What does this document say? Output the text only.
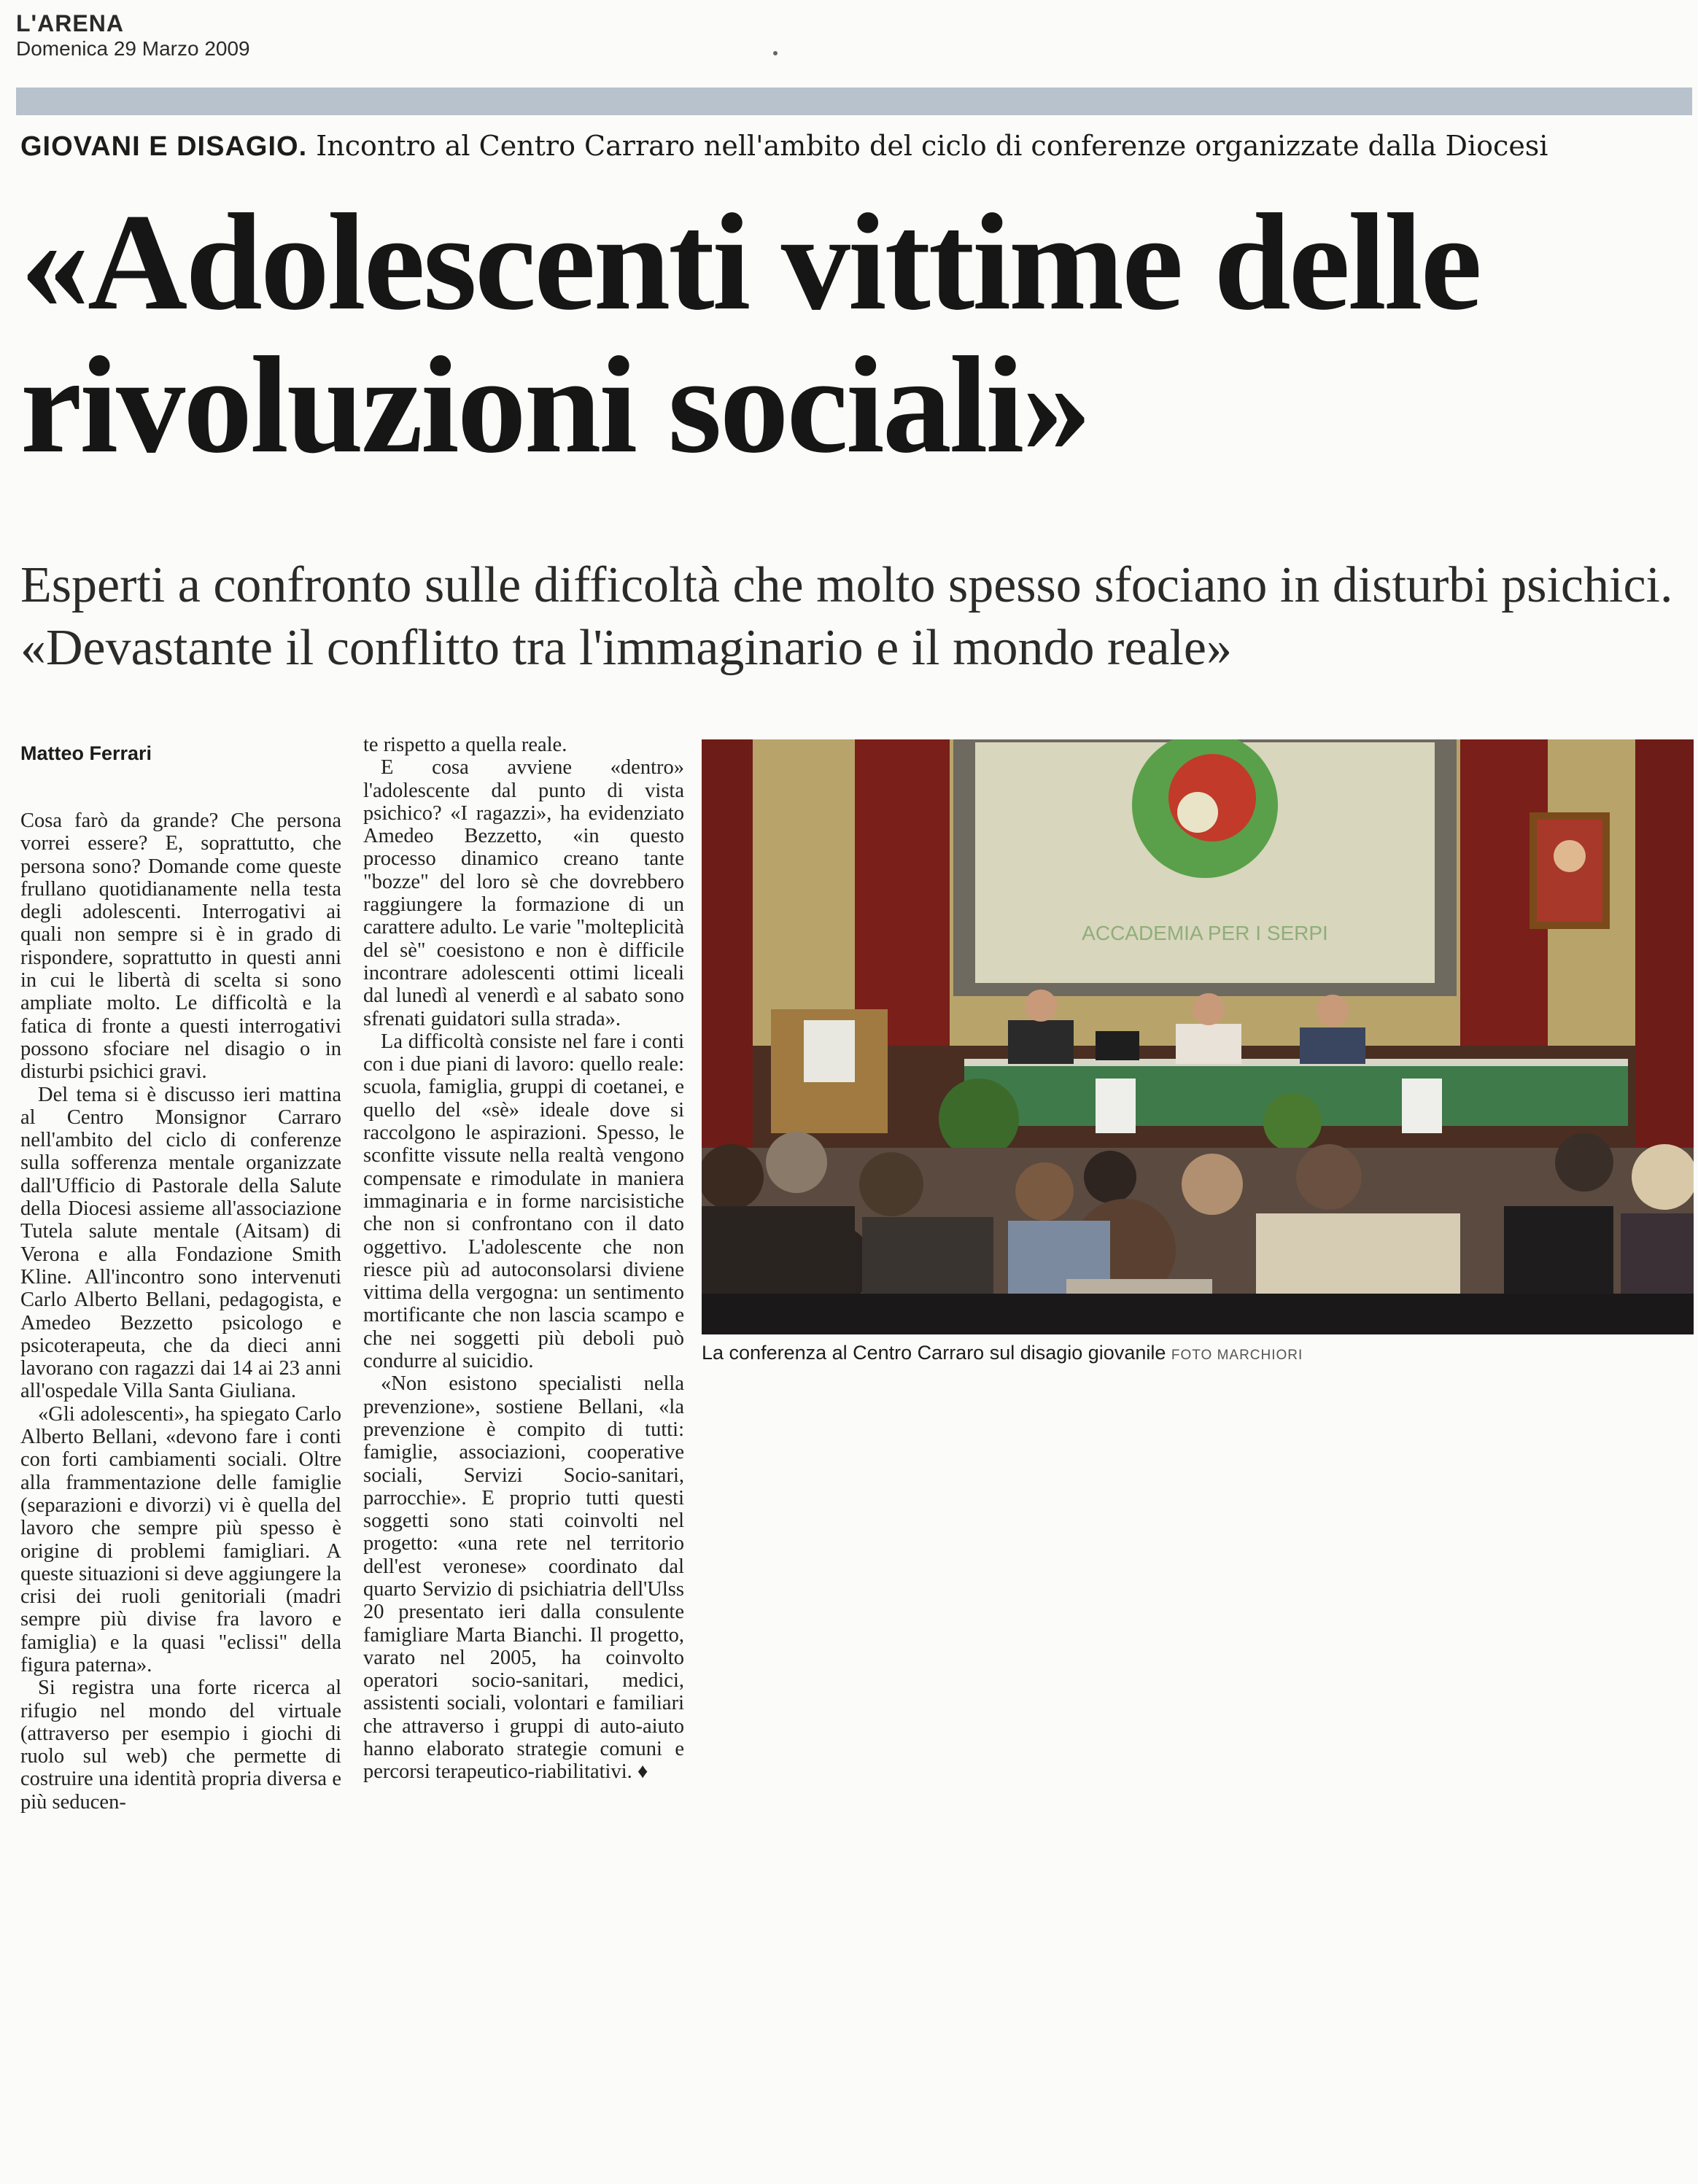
L'ARENA
Domenica 29 Marzo 2009
GIOVANI E DISAGIO. Incontro al Centro Carraro nell'ambito del ciclo di conferenze organizzate dalla Diocesi
«Adolescenti vittime delle rivoluzioni sociali»
Esperti a confronto sulle difficoltà che molto spesso sfociano in disturbi psichici. «Devastante il conflitto tra l'immaginario e il mondo reale»
Matteo Ferrari

Cosa farò da grande? Che persona vorrei essere? E, soprattutto, che persona sono? Domande come queste frullano quotidianamente nella testa degli adolescenti. Interrogativi ai quali non sempre si è in grado di rispondere, soprattutto in questi anni in cui le libertà di scelta si sono ampliate molto. Le difficoltà e la fatica di fronte a questi interrogativi possono sfociare nel disagio o in disturbi psichici gravi.

Del tema si è discusso ieri mattina al Centro Monsignor Carraro nell'ambito del ciclo di conferenze sulla sofferenza mentale organizzate dall'Ufficio di Pastorale della Salute della Diocesi assieme all'associazione Tutela salute mentale (Aitsam) di Verona e alla Fondazione Smith Kline. All'incontro sono intervenuti Carlo Alberto Bellani, pedagogista, e Amedeo Bezzetto psicologo e psicoterapeuta, che da dieci anni lavorano con ragazzi dai 14 ai 23 anni all'ospedale Villa Santa Giuliana.

«Gli adolescenti», ha spiegato Carlo Alberto Bellani, «devono fare i conti con forti cambiamenti sociali. Oltre alla frammentazione delle famiglie (separazioni e divorzi) vi è quella del lavoro che sempre più spesso è origine di problemi famigliari. A queste situazioni si deve aggiungere la crisi dei ruoli genitoriali (madri sempre più divise fra lavoro e famiglia) e la quasi "eclissi" della figura paterna».

Si registra una forte ricerca al rifugio nel mondo del virtuale (attraverso per esempio i giochi di ruolo sul web) che permette di costruire una identità propria diversa e più seducen-

te rispetto a quella reale.

E cosa avviene «dentro» l'adolescente dal punto di vista psichico? «I ragazzi», ha evidenziato Amedeo Bezzetto, «in questo processo dinamico creano tante "bozze" del loro sè che dovrebbero raggiungere la formazione di un carattere adulto. Le varie "molteplicità del sè" coesistono e non è difficile incontrare adolescenti ottimi liceali dal lunedì al venerdì e al sabato sono sfrenati guidatori sulla strada».

La difficoltà consiste nel fare i conti con i due piani di lavoro: quello reale: scuola, famiglia, gruppi di coetanei, e quello del «sè» ideale dove si raccolgono le aspirazioni. Spesso, le sconfitte vissute nella realtà vengono compensate e rimodulate in maniera immaginaria e in forme narcisistiche che non si confrontano con il dato oggettivo. L'adolescente che non riesce più ad autoconsolarsi diviene vittima della vergogna: un sentimento mortificante che non lascia scampo e che nei soggetti più deboli può condurre al suicidio.

«Non esistono specialisti nella prevenzione», sostiene Bellani, «la prevenzione è compito di tutti: famiglie, associazioni, cooperative sociali, Servizi Socio-sanitari, parrocchie». E proprio tutti questi soggetti sono stati coinvolti nel progetto: «una rete nel territorio dell'est veronese» coordinato dal quarto Servizio di psichiatria dell'Ulss 20 presentato ieri dalla consulente famigliare Marta Bianchi. Il progetto, varato nel 2005, ha coinvolto operatori socio-sanitari, medici, assistenti sociali, volontari e familiari che attraverso i gruppi di auto-aiuto hanno elaborato strategie comuni e percorsi terapeutico-riabilitativi. ♦

ACCADEMIA PER I SERPI
La conferenza al Centro Carraro sul disagio giovanile FOTO MARCHIORI
